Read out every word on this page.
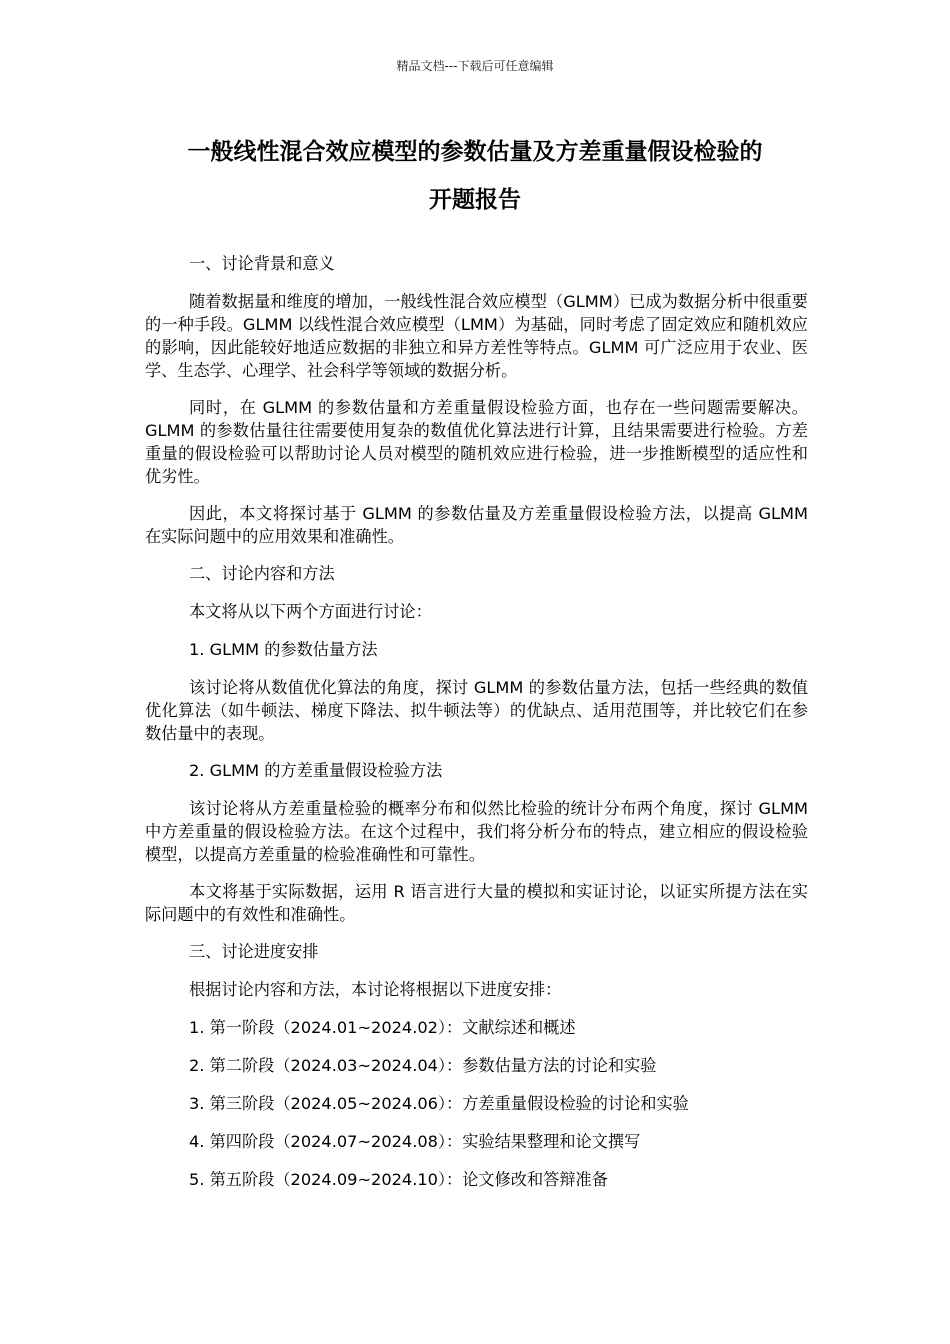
精品文档---下载后可任意编辑
一般线性混合效应模型的参数估量及方差重量假设检验的
开题报告

一、讨论背景和意义

随着数据量和维度的增加，一般线性混合效应模型（GLMM）已成为数据分析中很重要的一种手段。GLMM 以线性混合效应模型（LMM）为基础，同时考虑了固定效应和随机效应的影响，因此能较好地适应数据的非独立和异方差性等特点。GLMM 可广泛应用于农业、医学、生态学、心理学、社会科学等领域的数据分析。

同时，在 GLMM 的参数估量和方差重量假设检验方面，也存在一些问题需要解决。GLMM 的参数估量往往需要使用复杂的数值优化算法进行计算，且结果需要进行检验。方差重量的假设检验可以帮助讨论人员对模型的随机效应进行检验，进一步推断模型的适应性和优劣性。

因此，本文将探讨基于 GLMM 的参数估量及方差重量假设检验方法，以提高 GLMM 在实际问题中的应用效果和准确性。

二、讨论内容和方法

本文将从以下两个方面进行讨论：

1. GLMM 的参数估量方法

该讨论将从数值优化算法的角度，探讨 GLMM 的参数估量方法，包括一些经典的数值优化算法（如牛顿法、梯度下降法、拟牛顿法等）的优缺点、适用范围等，并比较它们在参数估量中的表现。

2. GLMM 的方差重量假设检验方法

该讨论将从方差重量检验的概率分布和似然比检验的统计分布两个角度，探讨 GLMM 中方差重量的假设检验方法。在这个过程中，我们将分析分布的特点，建立相应的假设检验模型，以提高方差重量的检验准确性和可靠性。

本文将基于实际数据，运用 R 语言进行大量的模拟和实证讨论，以证实所提方法在实际问题中的有效性和准确性。

三、讨论进度安排

根据讨论内容和方法，本讨论将根据以下进度安排：

1. 第一阶段（2024.01~2024.02）：文献综述和概述

2. 第二阶段（2024.03~2024.04）：参数估量方法的讨论和实验

3. 第三阶段（2024.05~2024.06）：方差重量假设检验的讨论和实验

4. 第四阶段（2024.07~2024.08）：实验结果整理和论文撰写

5. 第五阶段（2024.09~2024.10）：论文修改和答辩准备
